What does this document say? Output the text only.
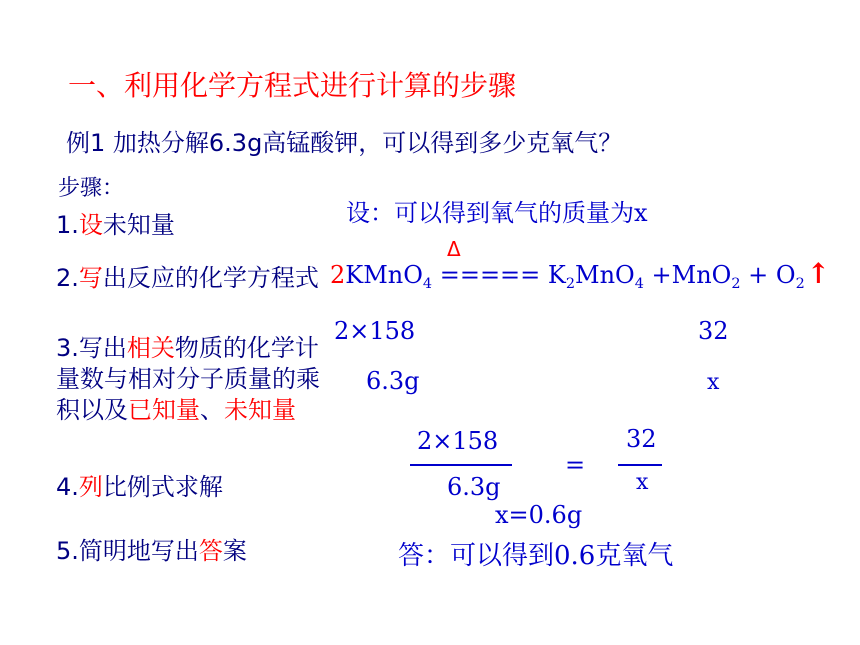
一、利用化学方程式进行计算的步骤
例1 加热分解6.3g高锰酸钾，可以得到多少克氧气？
步骤：
1.设未知量
2.写出反应的化学方程式
3.写出相关物质的化学计量数与相对分子质量的乘积以及已知量、未知量
4.列比例式求解
5.简明地写出答案
设：可以得到氧气的质量为x
Δ
2KMnO$_4$ ===== $K_2MnO_4 +MnO_2$ + $O_2↑$
2×158	32
6.3g	x
2×158
6.3g
=
32
x
x=0.6g
答：可以得到0.6克氧气
